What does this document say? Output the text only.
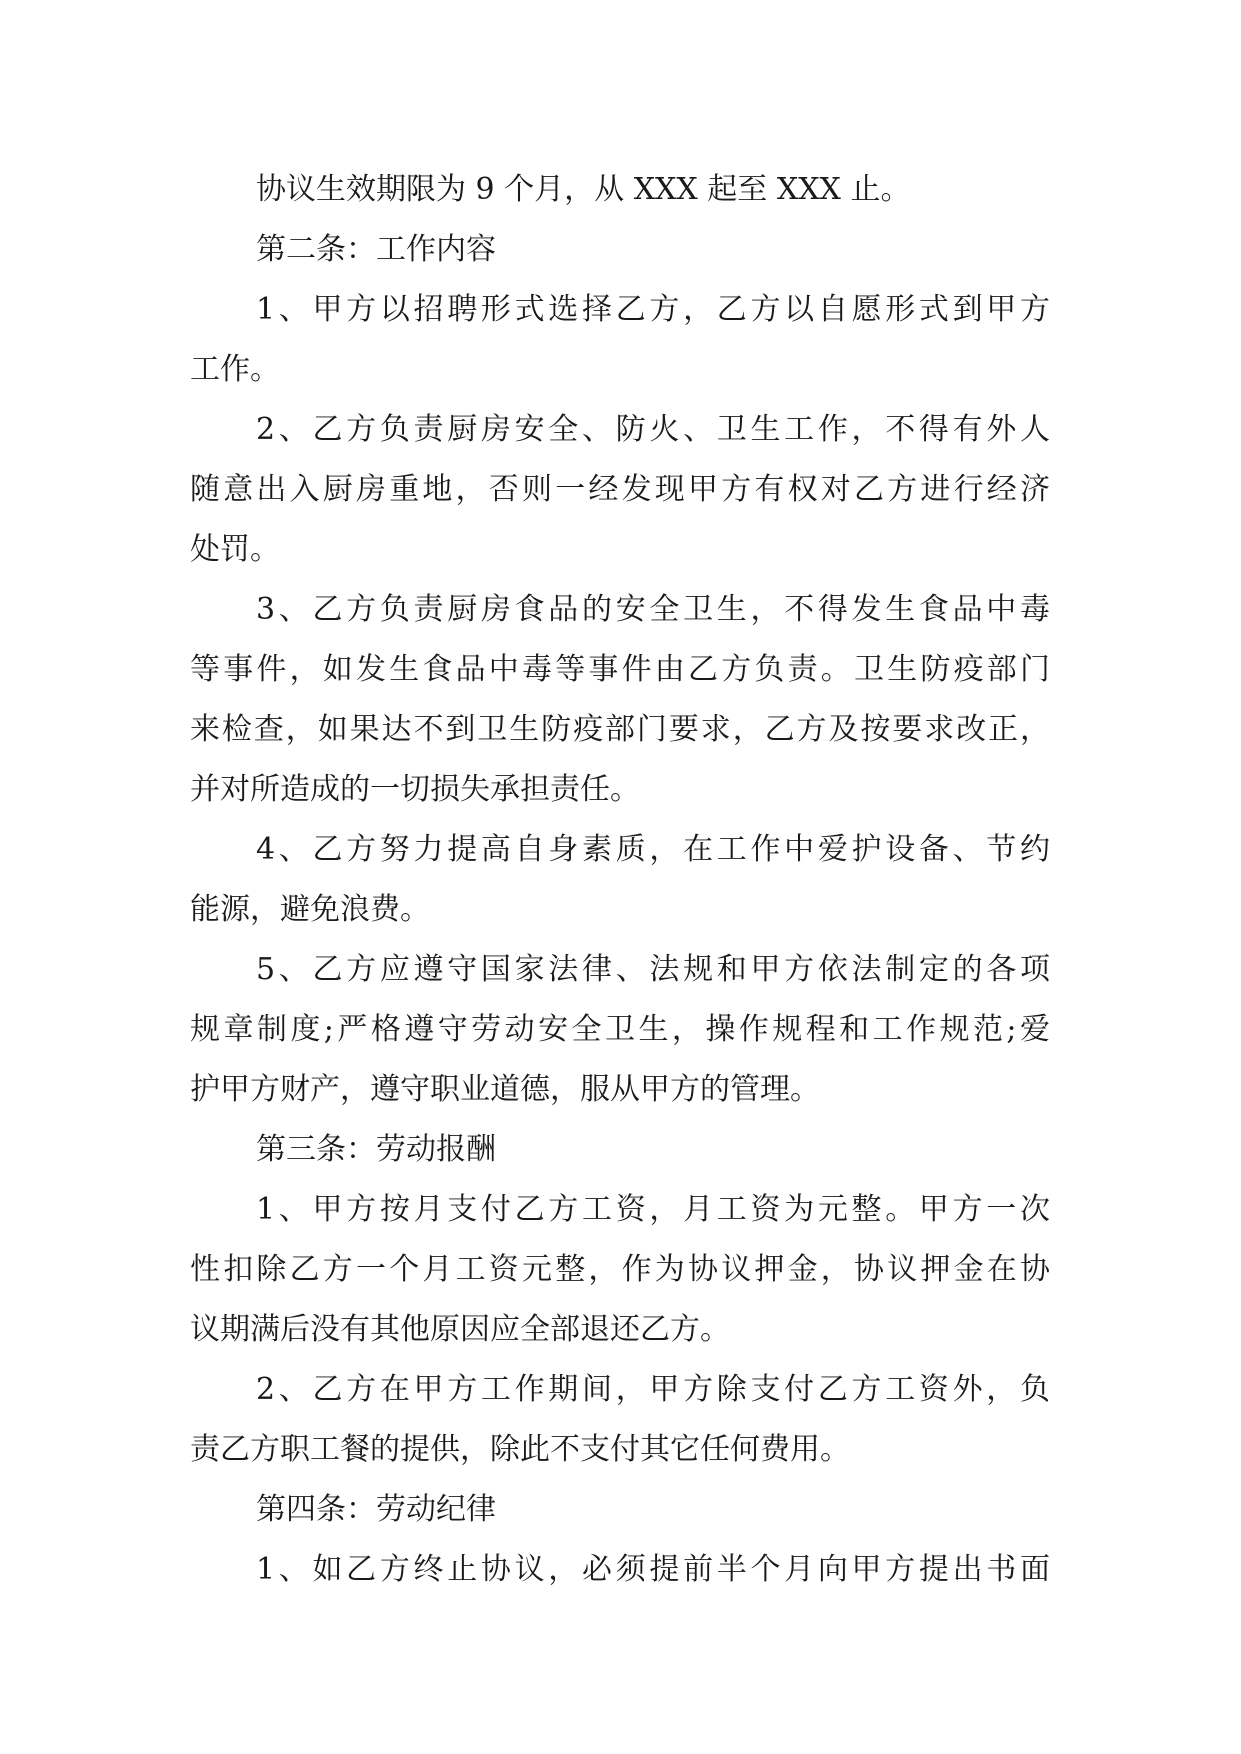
协议生效期限为 9 个月，从 XXX 起至 XXX 止。
第二条：工作内容
1、甲方以招聘形式选择乙方，乙方以自愿形式到甲方
工作。
2、乙方负责厨房安全、防火、卫生工作，不得有外人
随意出入厨房重地，否则一经发现甲方有权对乙方进行经济
处罚。
3、乙方负责厨房食品的安全卫生，不得发生食品中毒
等事件，如发生食品中毒等事件由乙方负责。卫生防疫部门
来检查，如果达不到卫生防疫部门要求，乙方及按要求改正，
并对所造成的一切损失承担责任。
4、乙方努力提高自身素质，在工作中爱护设备、节约
能源，避免浪费。
5、乙方应遵守国家法律、法规和甲方依法制定的各项
规章制度;严格遵守劳动安全卫生，操作规程和工作规范;爱
护甲方财产，遵守职业道德，服从甲方的管理。
第三条：劳动报酬
1、甲方按月支付乙方工资，月工资为元整。甲方一次
性扣除乙方一个月工资元整，作为协议押金，协议押金在协
议期满后没有其他原因应全部退还乙方。
2、乙方在甲方工作期间，甲方除支付乙方工资外，负
责乙方职工餐的提供，除此不支付其它任何费用。
第四条：劳动纪律
1、如乙方终止协议，必须提前半个月向甲方提出书面
